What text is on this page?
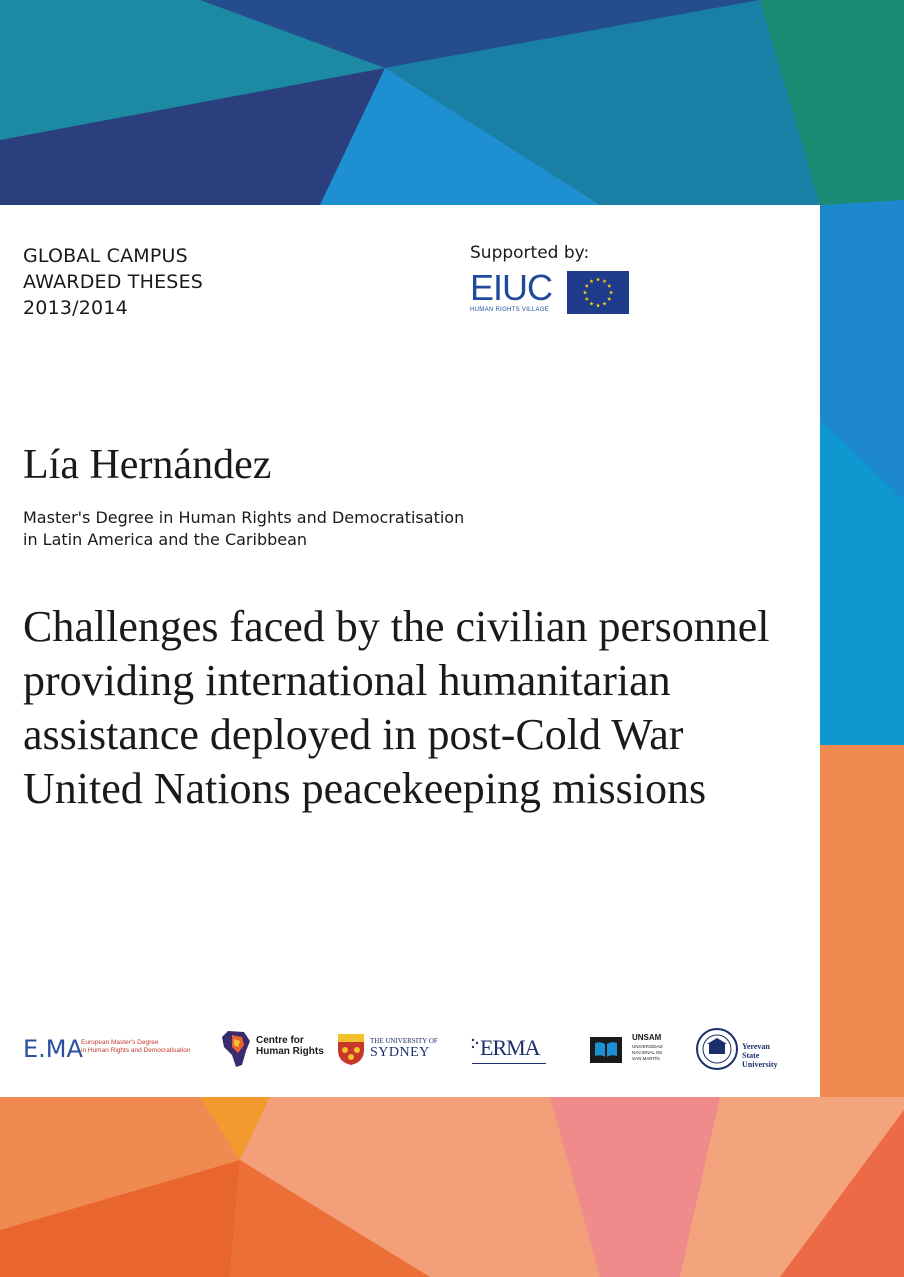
GLOBAL CAMPUS
AWARDED THESES
2013/2014
Supported by:
EIUC
HUMAN RIGHTS VILLAGE
Lía Hernández
Master's Degree in Human Rights and Democratisation
in Latin America and the Caribbean
Challenges faced by the civilian personnel
providing international humanitarian
assistance deployed in post-Cold War
United Nations peacekeeping missions
E.MA
European Master's Degree
in Human Rights and Democratisation
Centre for
Human Rights
THE UNIVERSITY OF
SYDNEY ERMA	UNSAM
UNIVERSIDAD NACIONAL DE SAN MARTÍN
Yerevan State
University
